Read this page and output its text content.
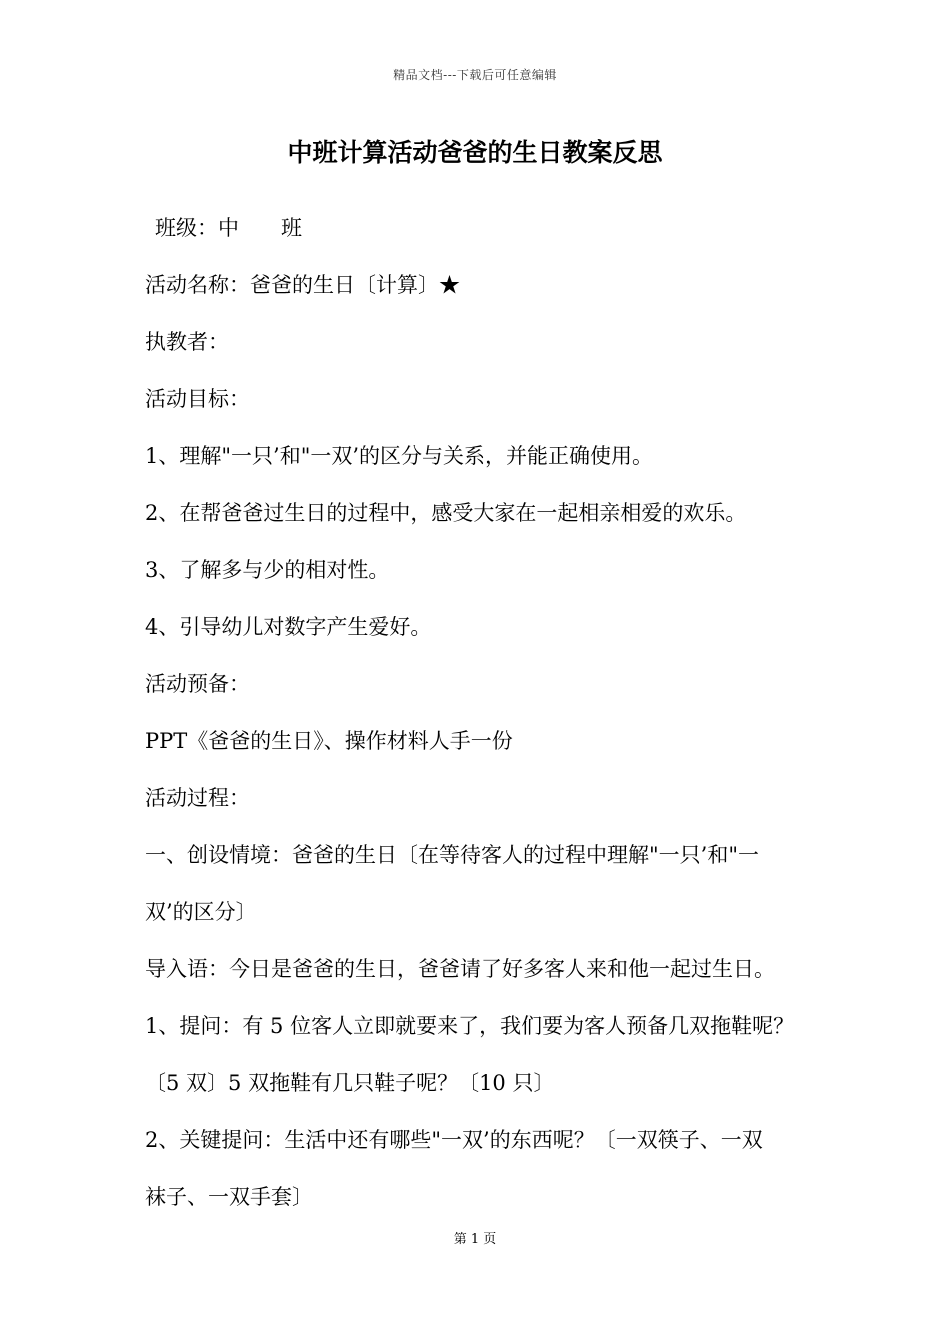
精品文档---下载后可任意编辑
中班计算活动爸爸的生日教案反思
班级：中　　班
活动名称：爸爸的生日〔计算〕★
执教者：
活动目标：
1、理解"一只’和"一双’的区分与关系，并能正确使用。
2、在帮爸爸过生日的过程中，感受大家在一起相亲相爱的欢乐。
3、了解多与少的相对性。
4、引导幼儿对数字产生爱好。
活动预备：
PPT《爸爸的生日》、操作材料人手一份
活动过程：
一、创设情境：爸爸的生日〔在等待客人的过程中理解"一只’和"一
双’的区分〕
导入语：今日是爸爸的生日，爸爸请了好多客人来和他一起过生日。
1、提问：有 5 位客人立即就要来了，我们要为客人预备几双拖鞋呢？
〔5 双〕5 双拖鞋有几只鞋子呢？〔10 只〕
2、关键提问：生活中还有哪些"一双’的东西呢？〔一双筷子、一双
袜子、一双手套〕
第 1 页
